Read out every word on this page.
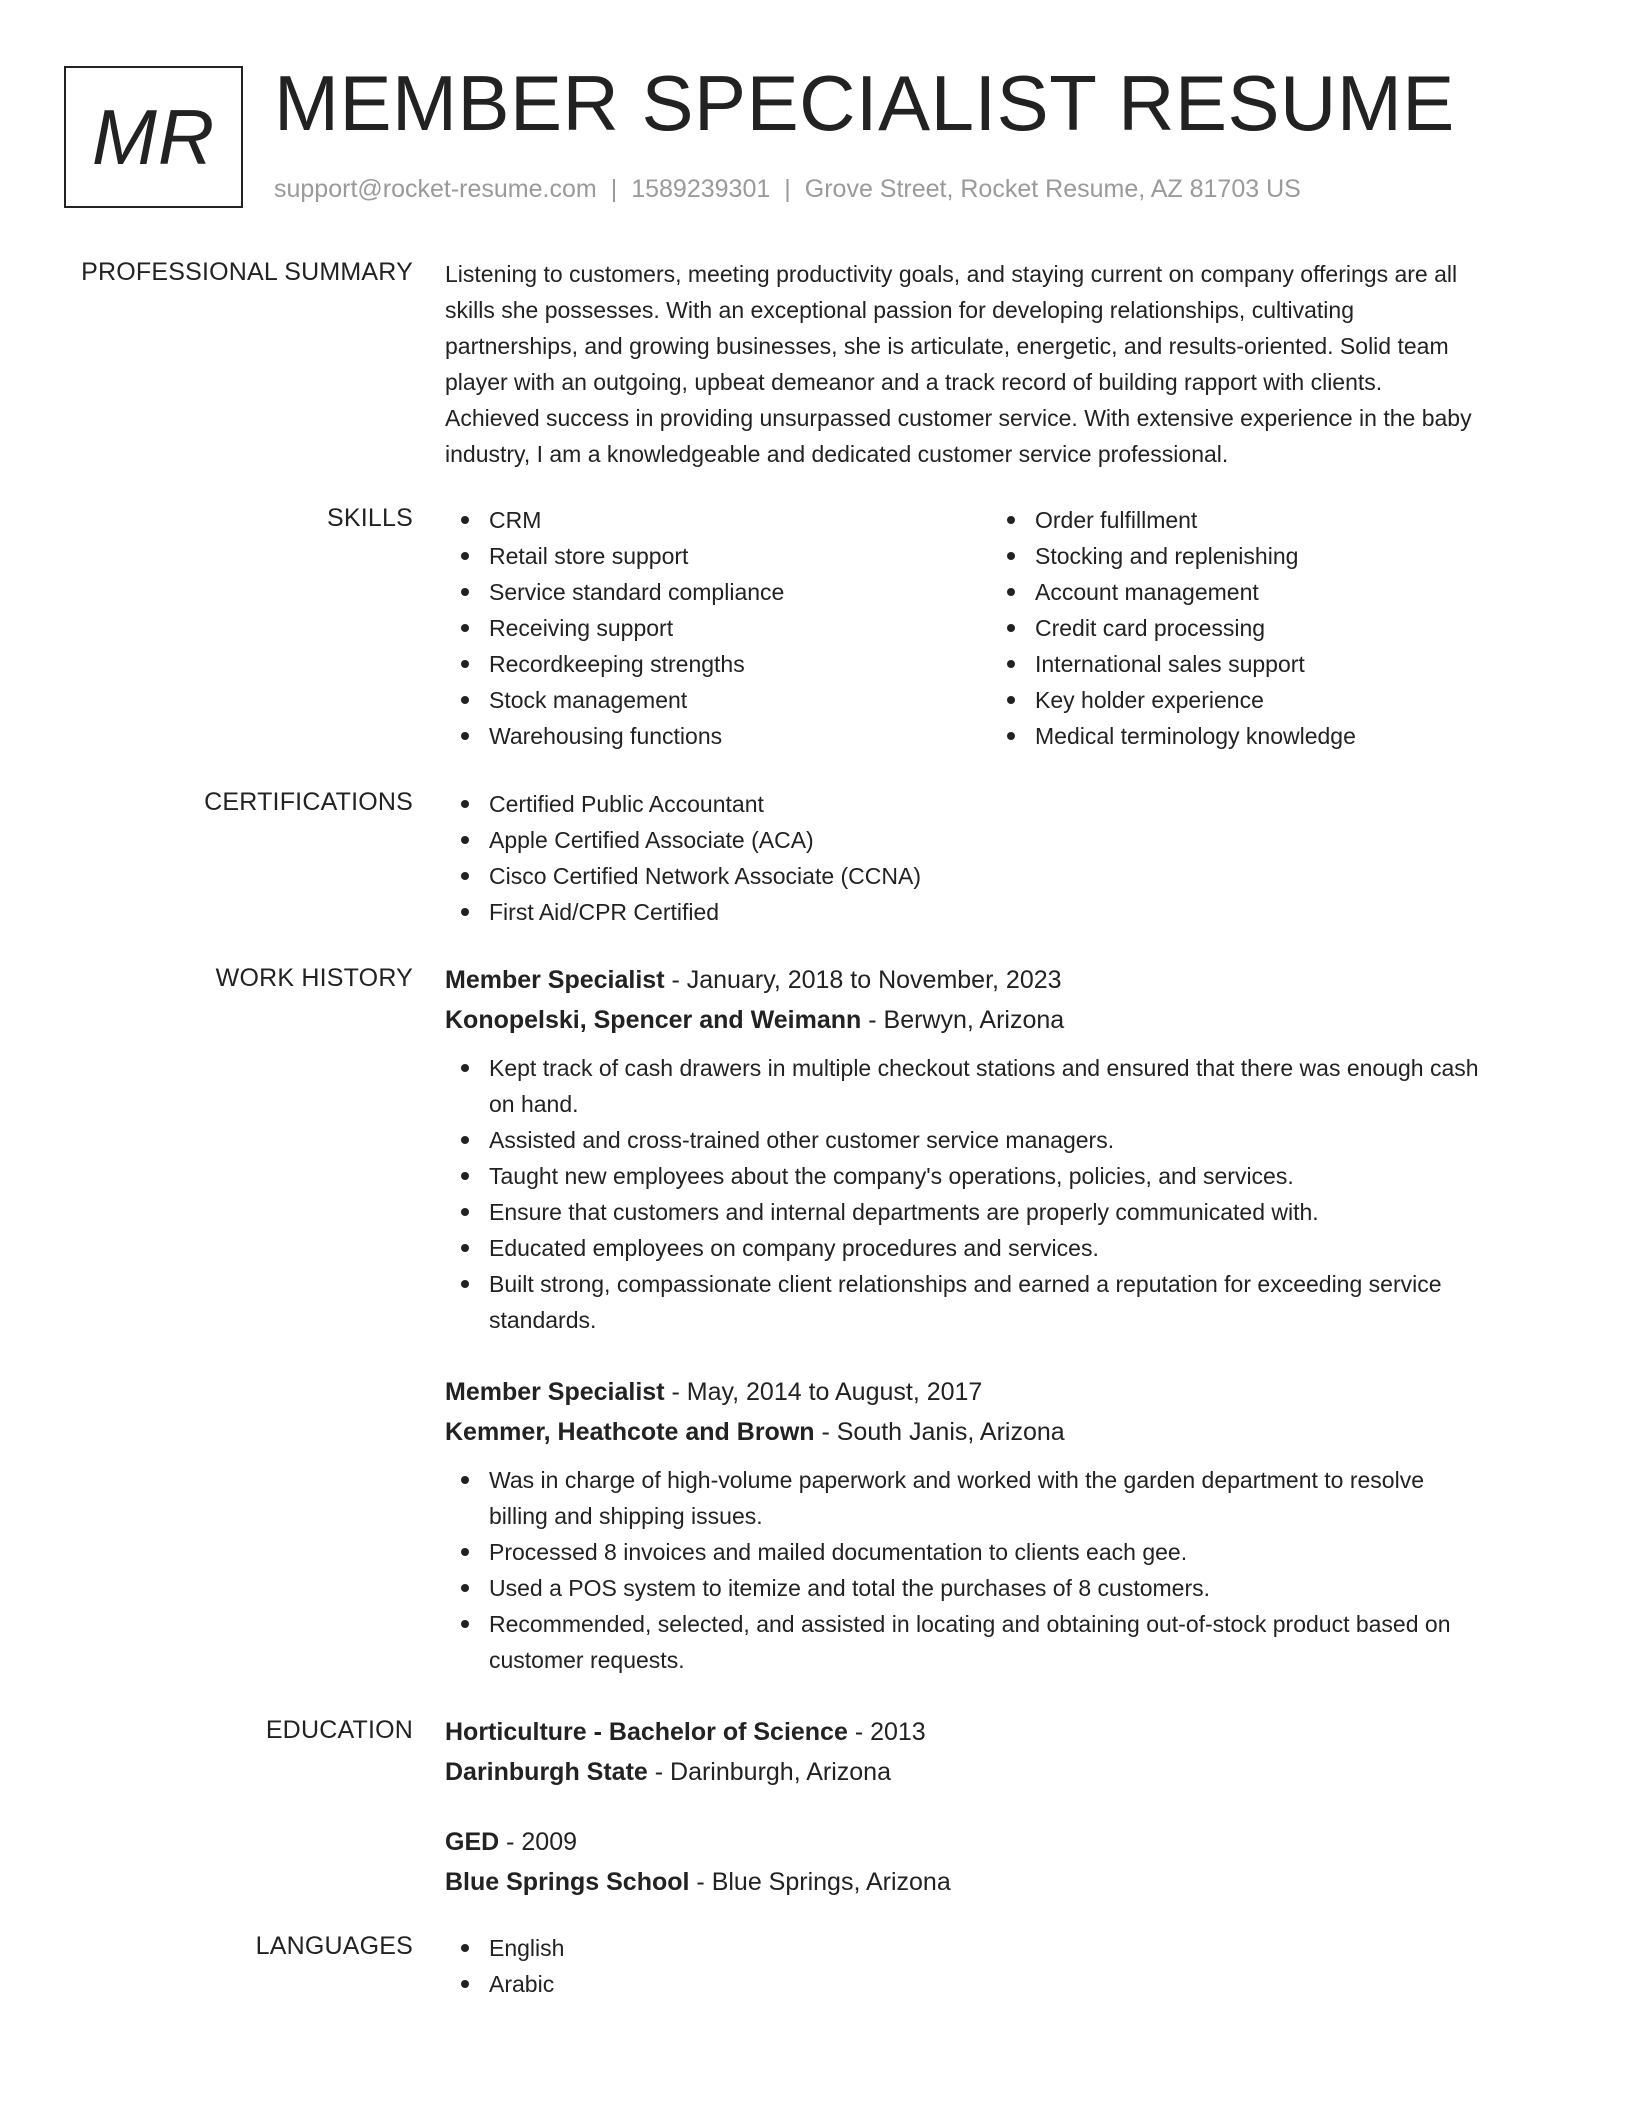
MR MEMBER SPECIALIST RESUME
support@rocket-resume.com | 1589239301 | Grove Street, Rocket Resume, AZ 81703 US
PROFESSIONAL SUMMARY Listening to customers, meeting productivity goals, and staying current on company offerings are all
skills she possesses. With an exceptional passion for developing relationships, cultivating
partnerships, and growing businesses, she is articulate, energetic, and results-oriented. Solid team
player with an outgoing, upbeat demeanor and a track record of building rapport with clients.
Achieved success in providing unsurpassed customer service. With extensive experience in the baby
industry, I am a knowledgeable and dedicated customer service professional.
SKILLS	CRM
Retail store support
Service standard compliance
Receiving support
Recordkeeping strengths
Stock management
Warehousing functions
Order fulfillment
Stocking and replenishing
Account management
Credit card processing
International sales support
Key holder experience
Medical terminology knowledge
CERTIFICATIONS	Certified Public Accountant
Apple Certified Associate (ACA)
Cisco Certified Network Associate (CCNA)
First Aid/CPR Certified
WORK HISTORY Member Specialist - January, 2018 to November, 2023
Konopelski, Spencer and Weimann - Berwyn, Arizona
Kept track of cash drawers in multiple checkout stations and ensured that there was enough cash
on hand.
Assisted and cross-trained other customer service managers.
Taught new employees about the company's operations, policies, and services.
Ensure that customers and internal departments are properly communicated with.
Educated employees on company procedures and services.
Built strong, compassionate client relationships and earned a reputation for exceeding service
standards.
Member Specialist - May, 2014 to August, 2017
Kemmer, Heathcote and Brown - South Janis, Arizona
Was in charge of high-volume paperwork and worked with the garden department to resolve
billing and shipping issues.
Processed 8 invoices and mailed documentation to clients each gee.
Used a POS system to itemize and total the purchases of 8 customers.
Recommended, selected, and assisted in locating and obtaining out-of-stock product based on
customer requests.
EDUCATION Horticulture - Bachelor of Science - 2013
Darinburgh State - Darinburgh, Arizona
GED - 2009
Blue Springs School - Blue Springs, Arizona
LANGUAGES	English
Arabic
